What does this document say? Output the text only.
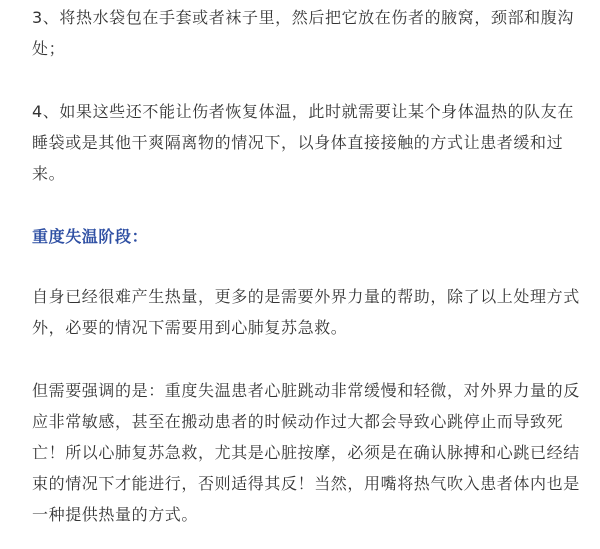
3、将热水袋包在手套或者袜子里，然后把它放在伤者的腋窝，颈部和腹沟处；

4、如果这些还不能让伤者恢复体温，此时就需要让某个身体温热的队友在睡袋或是其他干爽隔离物的情况下，以身体直接接触的方式让患者缓和过来。

重度失温阶段：

自身已经很难产生热量，更多的是需要外界力量的帮助，除了以上处理方式外，必要的情况下需要用到心肺复苏急救。

但需要强调的是：重度失温患者心脏跳动非常缓慢和轻微，对外界力量的反应非常敏感，甚至在搬动患者的时候动作过大都会导致心跳停止而导致死亡！所以心肺复苏急救，尤其是心脏按摩，必须是在确认脉搏和心跳已经结束的情况下才能进行，否则适得其反！当然，用嘴将热气吹入患者体内也是一种提供热量的方式。
